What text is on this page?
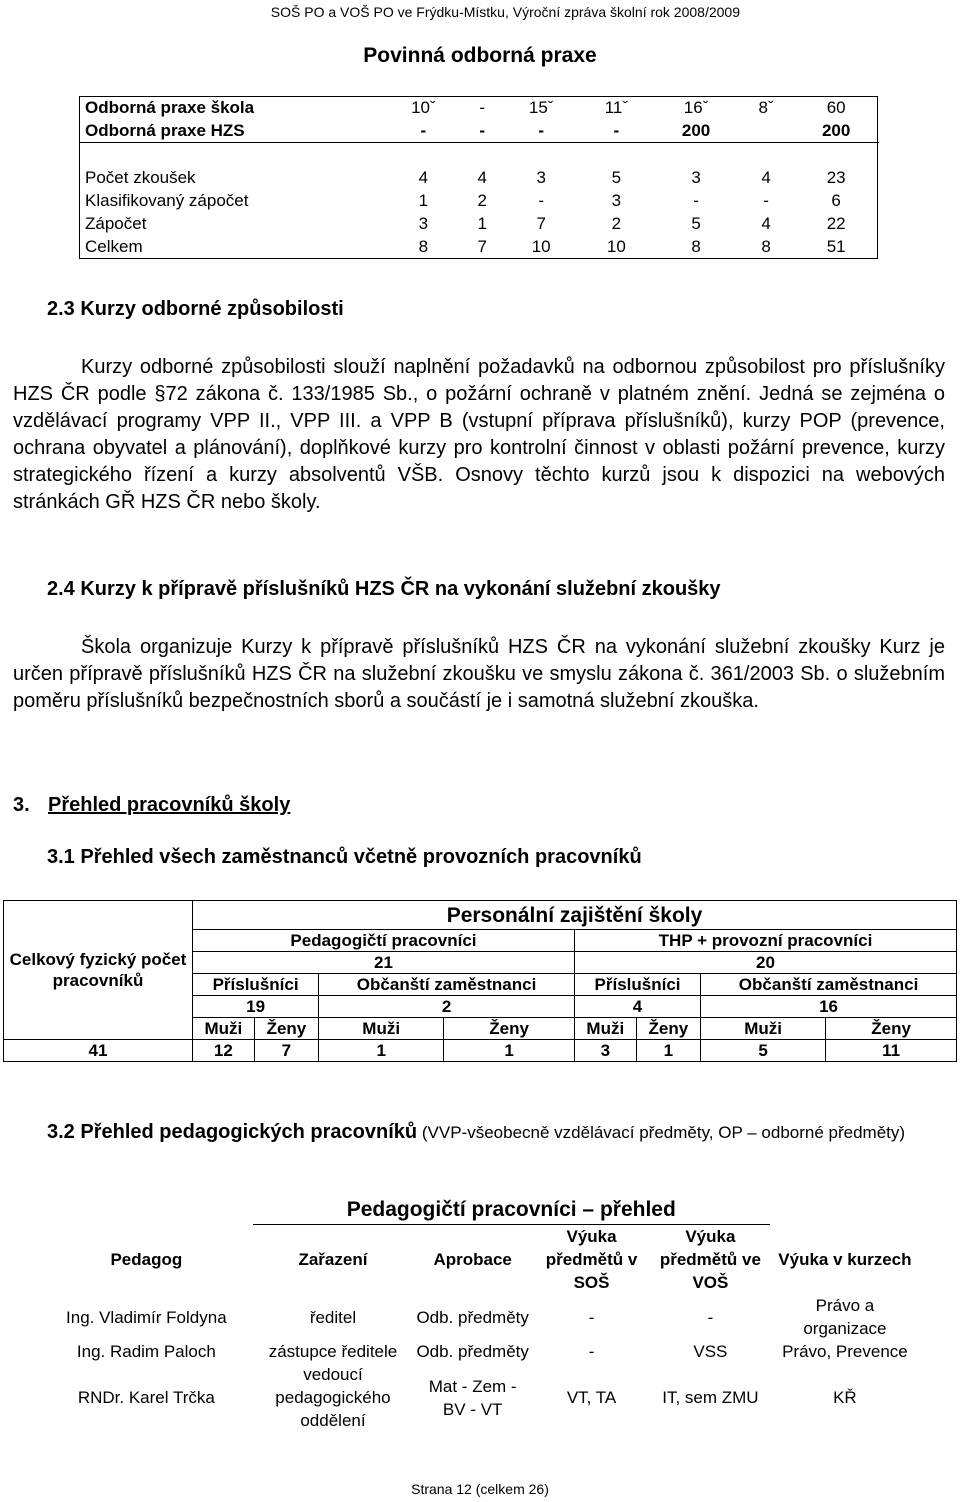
SOŠ PO a VOŠ PO ve Frýdku-Místku, Výroční zpráva školní rok 2008/2009
Povinná odborná praxe
Odborná praxe škola	10ˇ	-	15ˇ	11ˇ	16ˇ	8ˇ	60
Odborná praxe HZS	-	-	-	-	200		200

Počet zkoušek	4	4	3	5	3	4	23
Klasifikovaný zápočet	1	2	-	3	-	-	6
Zápočet	3	1	7	2	5	4	22
Celkem	8	7	10	10	8	8	51
2.3 Kurzy odborné způsobilosti
Kurzy odborné způsobilosti slouží naplnění požadavků na odbornou způsobilost pro příslušníky HZS ČR podle §72 zákona č. 133/1985 Sb., o požární ochraně v platném znění. Jedná se zejména o vzdělávací programy VPP II., VPP III. a VPP B (vstupní příprava příslušníků), kurzy POP (prevence, ochrana obyvatel a plánování), doplňkové kurzy pro kontrolní činnost v oblasti požární prevence, kurzy strategického řízení a kurzy absolventů VŠB. Osnovy těchto kurzů jsou k dispozici na webových stránkách GŘ HZS ČR nebo školy.
2.4 Kurzy k přípravě příslušníků HZS ČR na vykonání služební zkoušky
Škola organizuje Kurzy k přípravě příslušníků HZS ČR na vykonání služební zkoušky Kurz je určen přípravě příslušníků HZS ČR na služební zkoušku ve smyslu zákona č. 361/2003 Sb. o služebním poměru příslušníků bezpečnostních sborů a součástí je i samotná služební zkouška.
3. Přehled pracovníků školy
3.1 Přehled všech zaměstnanců včetně provozních pracovníků
Celkový fyzický počet pracovníků	Personální zajištění školy							
	Pedagogičtí pracovníci				THP + provozní pracovníci			
	21				20			
	Příslušníci		Občanští zaměstnanci		Příslušníci		Občanští zaměstnanci	
	19		2		4		16	
	Muži	Ženy	Muži	Ženy	Muži	Ženy	Muži	Ženy
41	12	7	1	1	3	1	5	11
3.2 Přehled pedagogických pracovníků (VVP-všeobecně vzdělávací předměty, OP – odborné předměty)
	Pedagogičtí pracovníci – přehled				
Pedagog	Zařazení	Aprobace	Výuka předmětů v SOŠ	Výuka předmětů ve VOŠ	Výuka v kurzech
Ing. Vladimír Foldyna	ředitel	Odb. předměty	-	-	Právo a organizace
Ing. Radim Paloch	zástupce ředitele	Odb. předměty	-	VSS	Právo, Prevence
RNDr. Karel Trčka	vedoucí pedagogického oddělení	Mat - Zem - BV - VT	VT, TA	IT, sem ZMU	KŘ
Strana 12 (celkem 26)
